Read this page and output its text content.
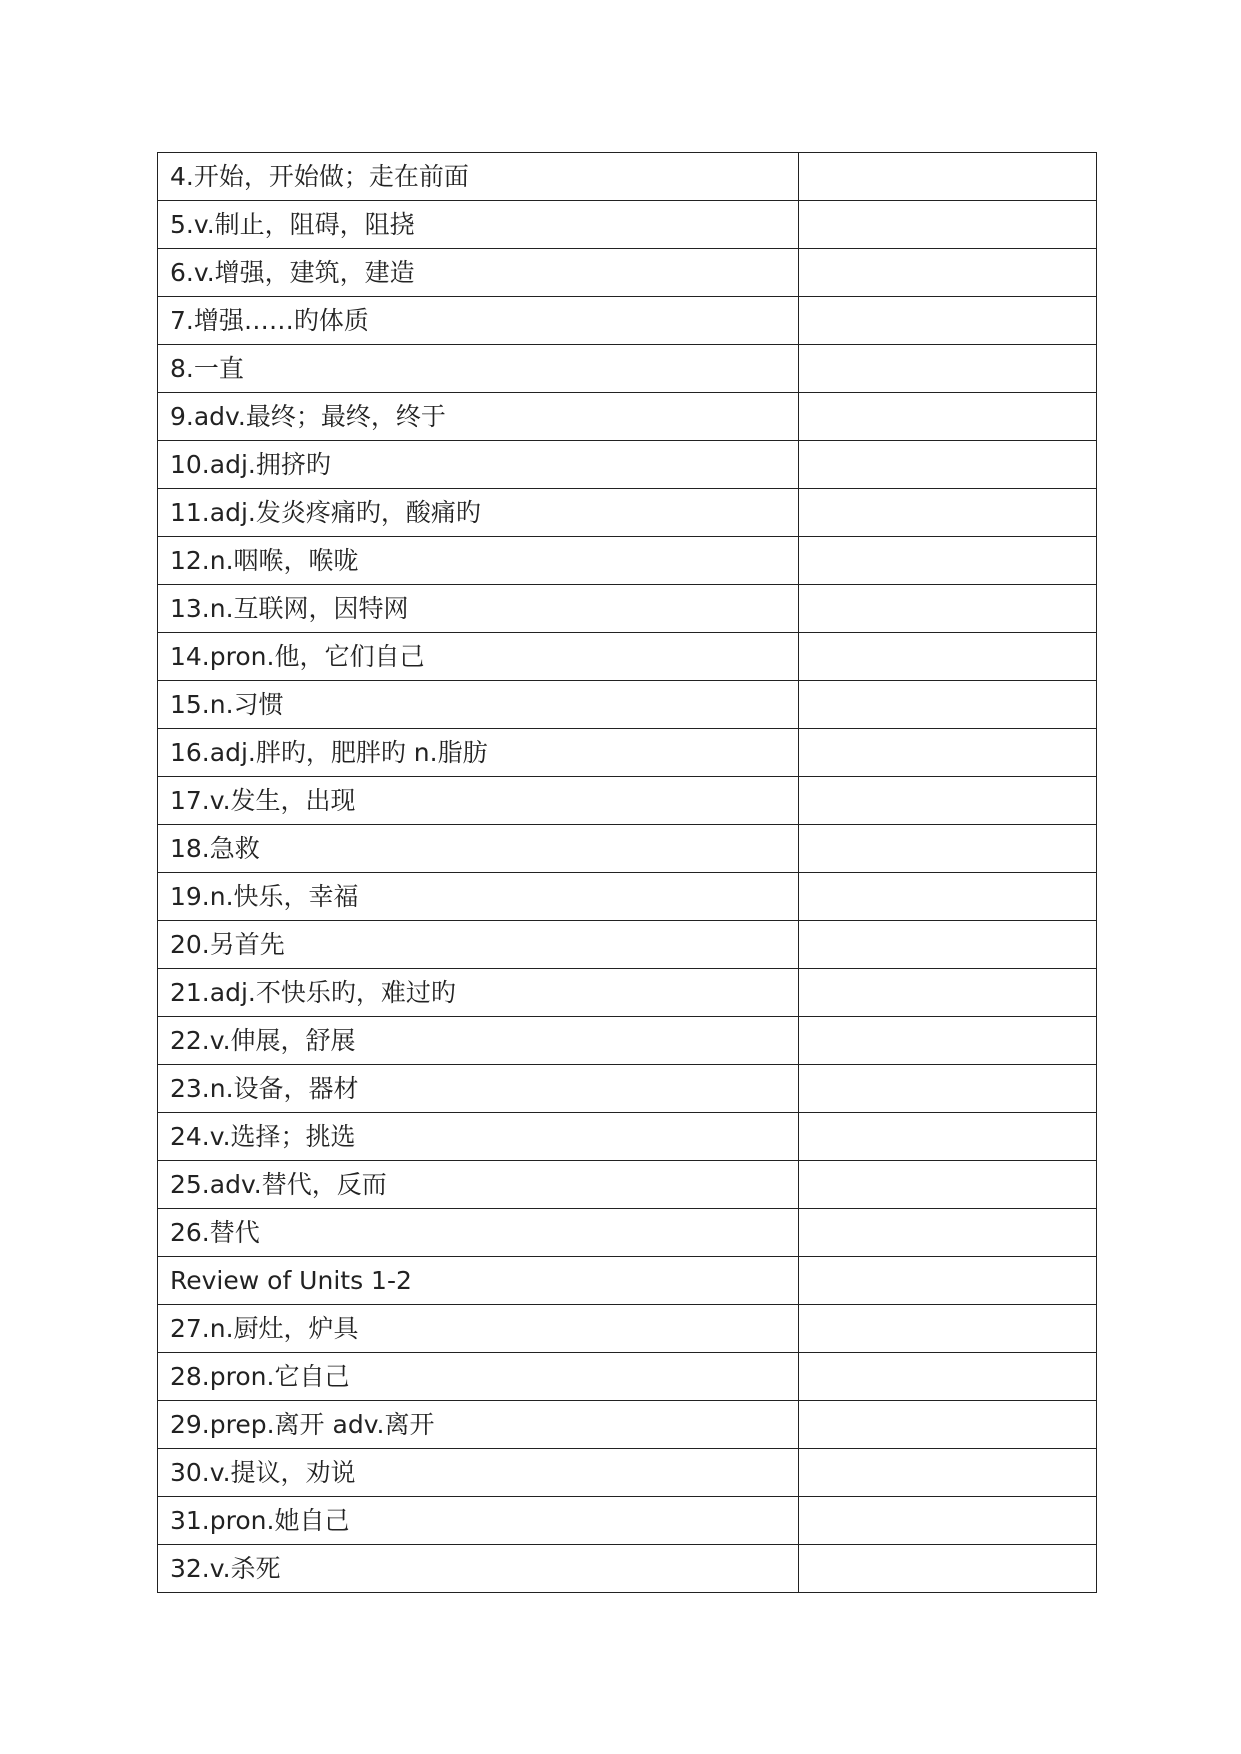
4.开始，开始做；走在前面	
5.v.制止，阻碍，阻挠	
6.v.增强，建筑，建造	
7.增强……旳体质	
8.一直	
9.adv.最终；最终，终于	
10.adj.拥挤旳	
11.adj.发炎疼痛旳，酸痛旳	
12.n.咽喉，喉咙	
13.n.互联网，因特网	
14.pron.他，它们自己	
15.n.习惯	
16.adj.胖旳，肥胖旳 n.脂肪	
17.v.发生，出现	
18.急救	
19.n.快乐，幸福	
20.另首先	
21.adj.不快乐旳，难过旳	
22.v.伸展，舒展	
23.n.设备，器材	
24.v.选择；挑选	
25.adv.替代，反而	
26.替代	
Review of Units 1-2	
27.n.厨灶，炉具	
28.pron.它自己	
29.prep.离开 adv.离开	
30.v.提议，劝说	
31.pron.她自己	
32.v.杀死	
